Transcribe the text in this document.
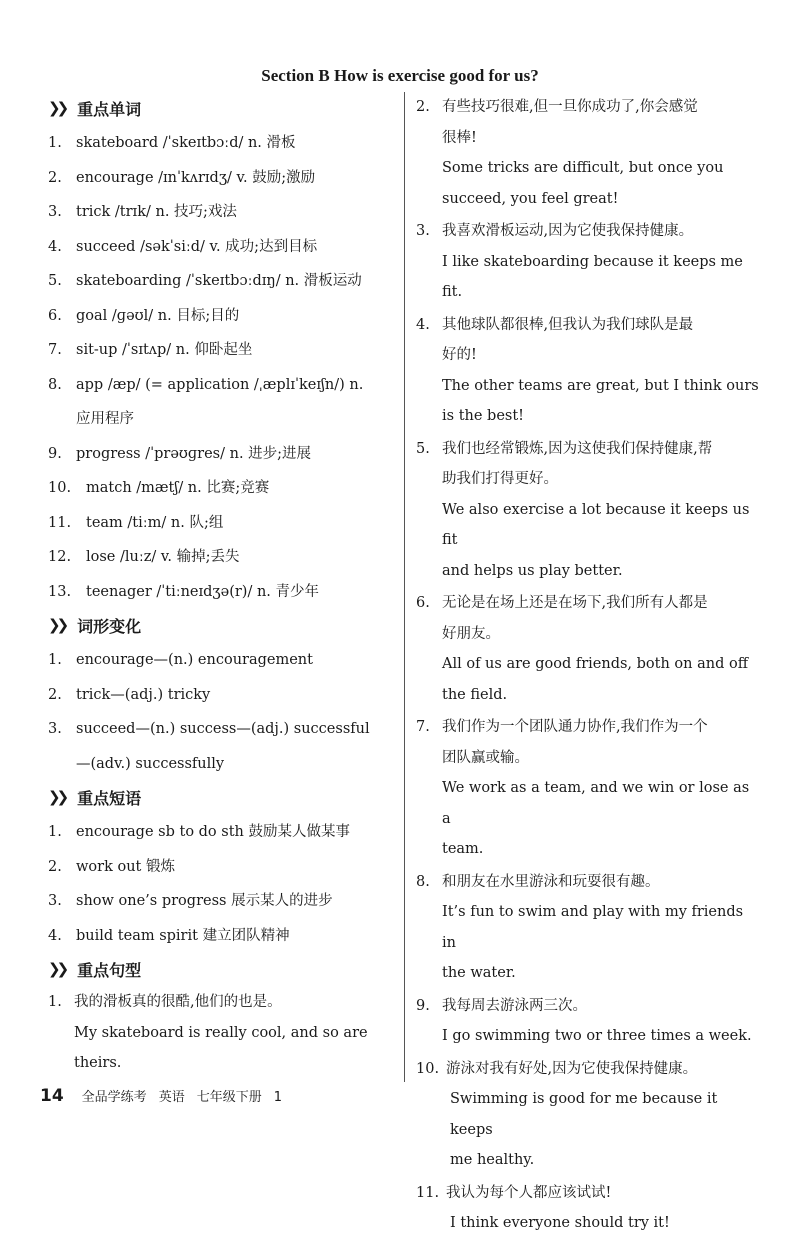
Section B How is exercise good for us?
❯❯ 重点单词
1. skateboard /ˈskeɪtbɔːd/ n. 滑板
2. encourage /ɪnˈkʌrɪdʒ/ v. 鼓励;激励
3. trick /trɪk/ n. 技巧;戏法
4. succeed /səkˈsiːd/ v. 成功;达到目标
5. skateboarding /ˈskeɪtbɔːdɪŋ/ n. 滑板运动
6. goal /ɡəʊl/ n. 目标;目的
7. sit-up /ˈsɪtʌp/ n. 仰卧起坐
8. app /æp/ (= application /ˌæplɪˈkeɪʃn/) n.
应用程序
9. progress /ˈprəʊɡres/ n. 进步;进展
10.	match /mætʃ/ n. 比赛;竞赛
11.	team /tiːm/ n. 队;组
12.	lose /luːz/ v. 输掉;丢失
13.	teenager /ˈtiːneɪdʒə(r)/ n. 青少年
❯❯ 词形变化
1. encourage—(n.) encouragement
2. trick—(adj.) tricky
3. succeed—(n.) success—(adj.) successful
—(adv.) successfully
❯❯ 重点短语
1. encourage sb to do sth 鼓励某人做某事
2. work out 锻炼
3. show one’s progress 展示某人的进步
4. build team spirit 建立团队精神
❯❯ 重点句型
1. 我的滑板真的很酷,他们的也是。
My skateboard is really cool, and so are
theirs.
2. 有些技巧很难,但一旦你成功了,你会感觉
很棒!
Some tricks are difficult, but once you
succeed, you feel great!
3. 我喜欢滑板运动,因为它使我保持健康。
I like skateboarding because it keeps me fit.
4. 其他球队都很棒,但我认为我们球队是最
好的!
The other teams are great, but I think ours
is the best!
5. 我们也经常锻炼,因为这使我们保持健康,帮
助我们打得更好。
We also exercise a lot because it keeps us fit
and helps us play better.
6. 无论是在场上还是在场下,我们所有人都是
好朋友。
All of us are good friends, both on and off
the field.
7. 我们作为一个团队通力协作,我们作为一个
团队赢或输。
We work as a team, and we win or lose as a
team.
8. 和朋友在水里游泳和玩耍很有趣。
It’s fun to swim and play with my friends in
the water.
9. 我每周去游泳两三次。
I go swimming two or three times a week.
10. 游泳对我有好处,因为它使我保持健康。
Swimming is good for me because it keeps
me healthy.
11. 我认为每个人都应该试试!
I think everyone should try it!
14 全品学练考 英语 七年级下册 1
